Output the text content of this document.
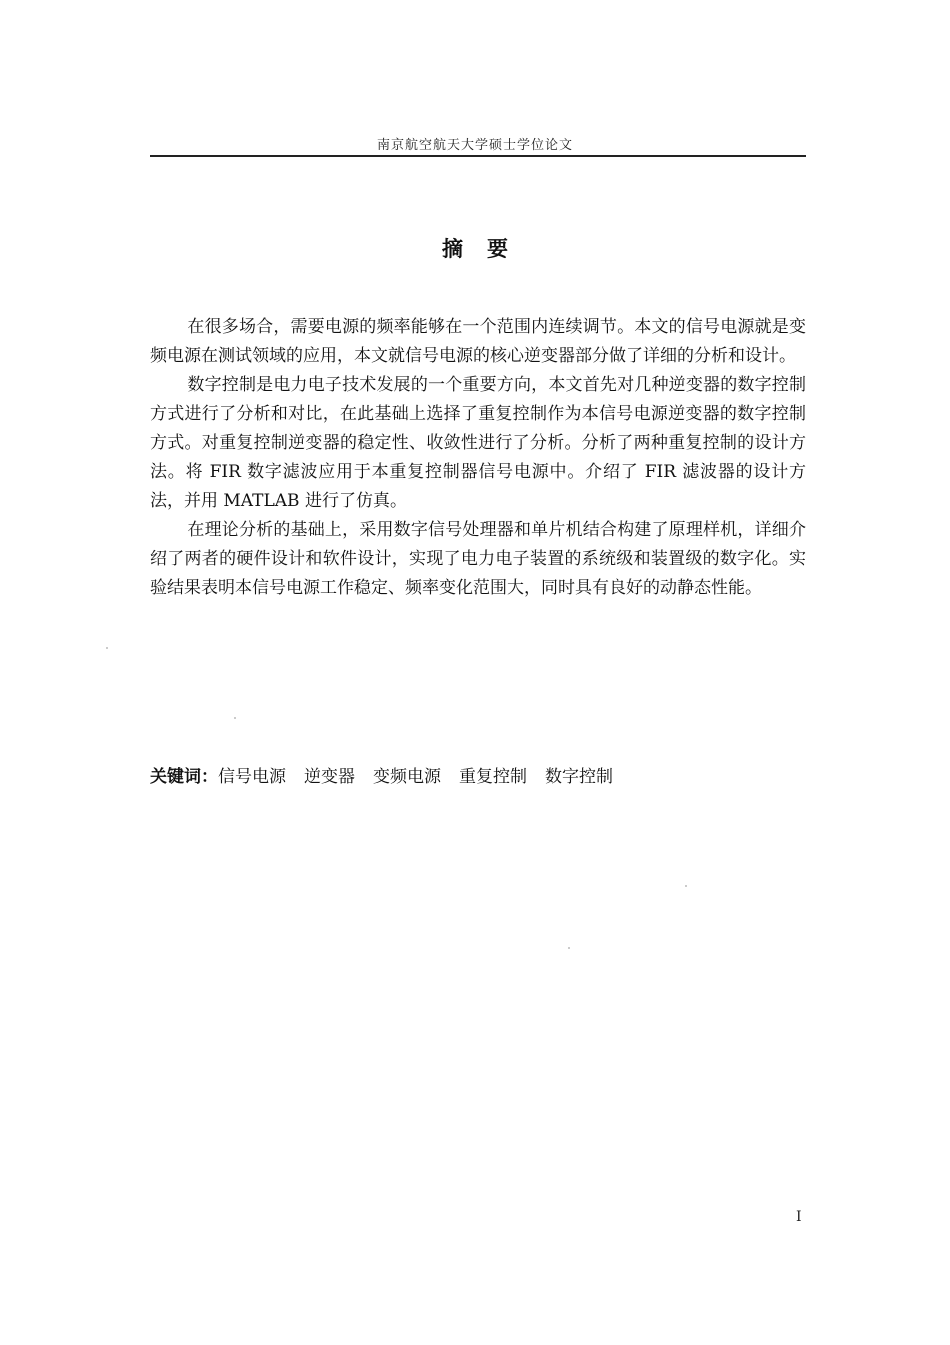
南京航空航天大学硕士学位论文
摘要

在很多场合，需要电源的频率能够在一个范围内连续调节。本文的信号电源就是变频电源在测试领域的应用，本文就信号电源的核心逆变器部分做了详细的分析和设计。

数字控制是电力电子技术发展的一个重要方向，本文首先对几种逆变器的数字控制方式进行了分析和对比，在此基础上选择了重复控制作为本信号电源逆变器的数字控制方式。对重复控制逆变器的稳定性、收敛性进行了分析。分析了两种重复控制的设计方法。将 FIR 数字滤波应用于本重复控制器信号电源中。介绍了 FIR 滤波器的设计方法，并用 MATLAB 进行了仿真。

在理论分析的基础上，采用数字信号处理器和单片机结合构建了原理样机，详细介绍了两者的硬件设计和软件设计，实现了电力电子装置的系统级和装置级的数字化。实验结果表明本信号电源工作稳定、频率变化范围大，同时具有良好的动静态性能。

关键词：信号电源 逆变器 变频电源 重复控制 数字控制
I
